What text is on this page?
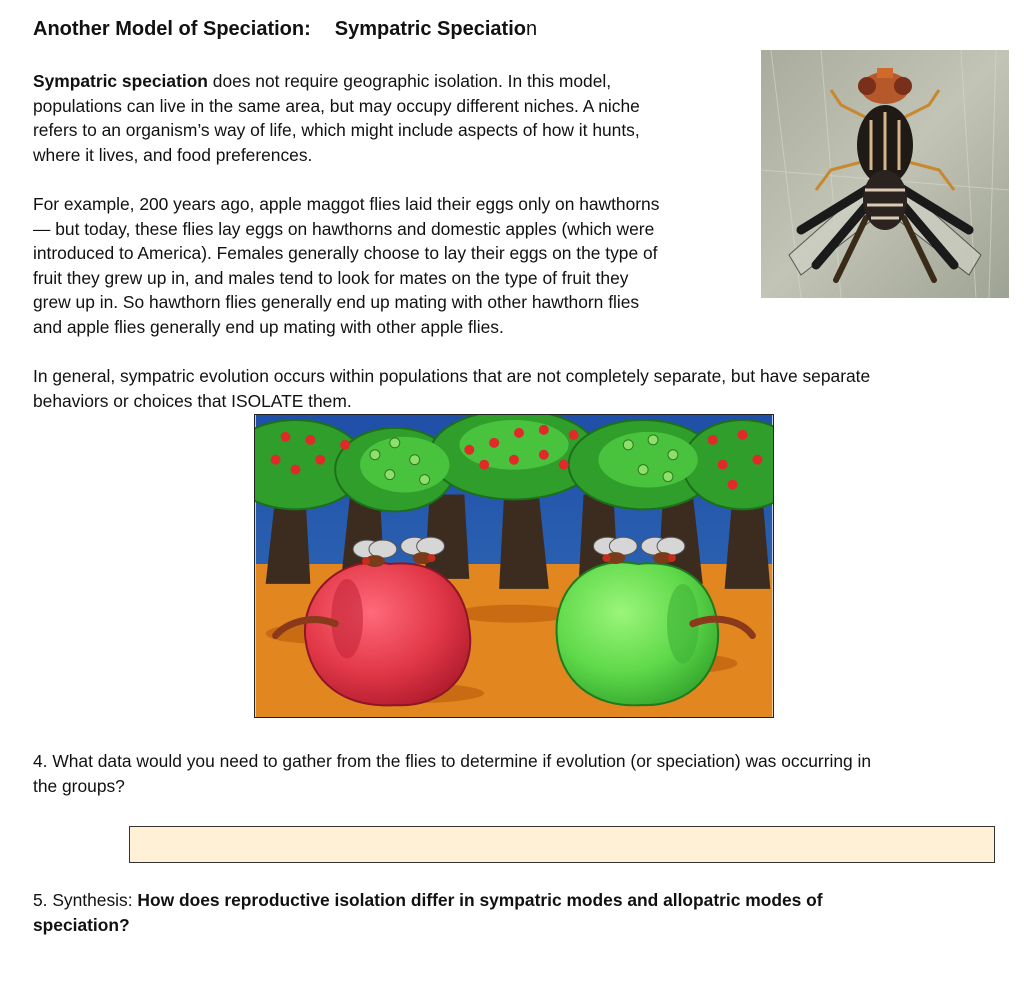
Another Model of Speciation: Sympatric Speciation

Sympatric speciation does not require geographic isolation. In this model,
populations can live in the same area, but may occupy different niches. A niche
refers to an organism’s way of life, which might include aspects of how it hunts,
where it lives, and food preferences.

For example, 200 years ago, apple maggot flies laid their eggs only on hawthorns
— but today, these flies lay eggs on hawthorns and domestic apples (which were
introduced to America). Females generally choose to lay their eggs on the type of
fruit they grew up in, and males tend to look for mates on the type of fruit they
grew up in. So hawthorn flies generally end up mating with other hawthorn flies
and apple flies generally end up mating with other apple flies.

In general, sympatric evolution occurs within populations that are not completely separate, but have separate
behaviors or choices that ISOLATE them.

4. What data would you need to gather from the flies to determine if evolution (or speciation) was occurring in
the groups?

5. Synthesis: How does reproductive isolation differ in sympatric modes and allopatric modes of
speciation?
